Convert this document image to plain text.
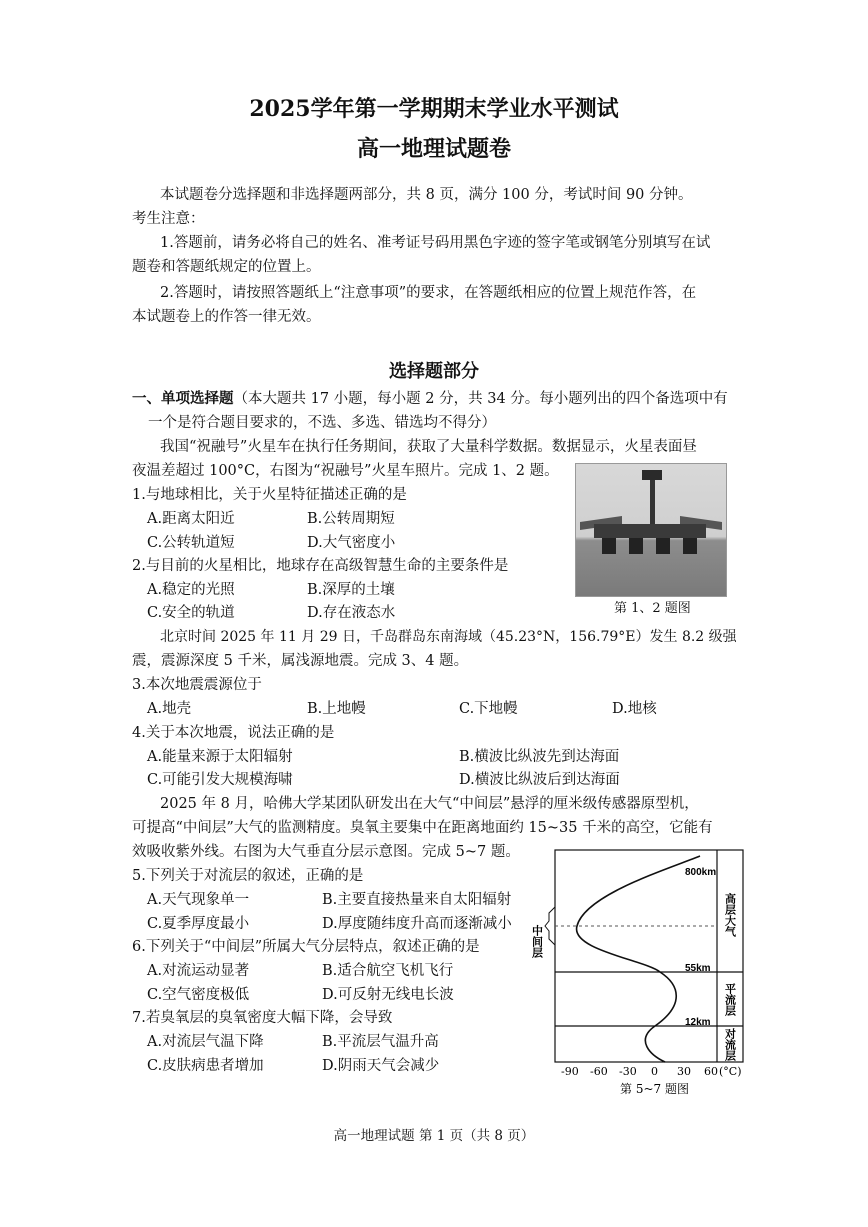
2025学年第一学期期末学业水平测试
高一地理试题卷
本试题卷分选择题和非选择题两部分，共 8 页，满分 100 分，考试时间 90 分钟。
考生注意：
1.答题前，请务必将自己的姓名、准考证号码用黑色字迹的签字笔或钢笔分别填写在试
题卷和答题纸规定的位置上。
2.答题时，请按照答题纸上“注意事项”的要求，在答题纸相应的位置上规范作答，在
本试题卷上的作答一律无效。
选择题部分
一、单项选择题（本大题共 17 小题，每小题 2 分，共 34 分。每小题列出的四个备选项中有
一个是符合题目要求的，不选、多选、错选均不得分）
我国“祝融号”火星车在执行任务期间，获取了大量科学数据。数据显示，火星表面昼
夜温差超过 100°C，右图为“祝融号”火星车照片。完成 1、2 题。
第 1、2 题图
1.与地球相比，关于火星特征描述正确的是
A.距离太阳近	B.公转周期短
C.公转轨道短	D.大气密度小
2.与目前的火星相比，地球存在高级智慧生命的主要条件是
A.稳定的光照	B.深厚的土壤
C.安全的轨道	D.存在液态水
北京时间 2025 年 11 月 29 日，千岛群岛东南海域（45.23°N，156.79°E）发生 8.2 级强
震，震源深度 5 千米，属浅源地震。完成 3、4 题。
3.本次地震震源位于
A.地壳	B.上地幔	C.下地幔	D.地核
4.关于本次地震，说法正确的是
A.能量来源于太阳辐射	B.横波比纵波先到达海面
C.可能引发大规模海啸	D.横波比纵波后到达海面
2025 年 8 月，哈佛大学某团队研发出在大气“中间层”悬浮的厘米级传感器原型机，
可提高“中间层”大气的监测精度。臭氧主要集中在距离地面约 15~35 千米的高空，它能有
效吸收紫外线。右图为大气垂直分层示意图。完成 5~7 题。
5.下列关于对流层的叙述，正确的是
A.天气现象单一	B.主要直接热量来自太阳辐射
C.夏季厚度最小	D.厚度随纬度升高而逐渐减小
6.下列关于“中间层”所属大气分层特点，叙述正确的是
A.对流运动显著	B.适合航空飞机飞行
C.空气密度极低	D.可反射无线电长波
7.若臭氧层的臭氧密度大幅下降，会导致
A.对流层气温下降	B.平流层气温升高
C.皮肤病患者增加	D.阴雨天气会减少
800km
55km
12km
高层大气
平流层
对流层
中间层
-90 -60 -30 0 30 60 (°C)
第 5~7 题图
高一地理试题 第 1 页（共 8 页）
